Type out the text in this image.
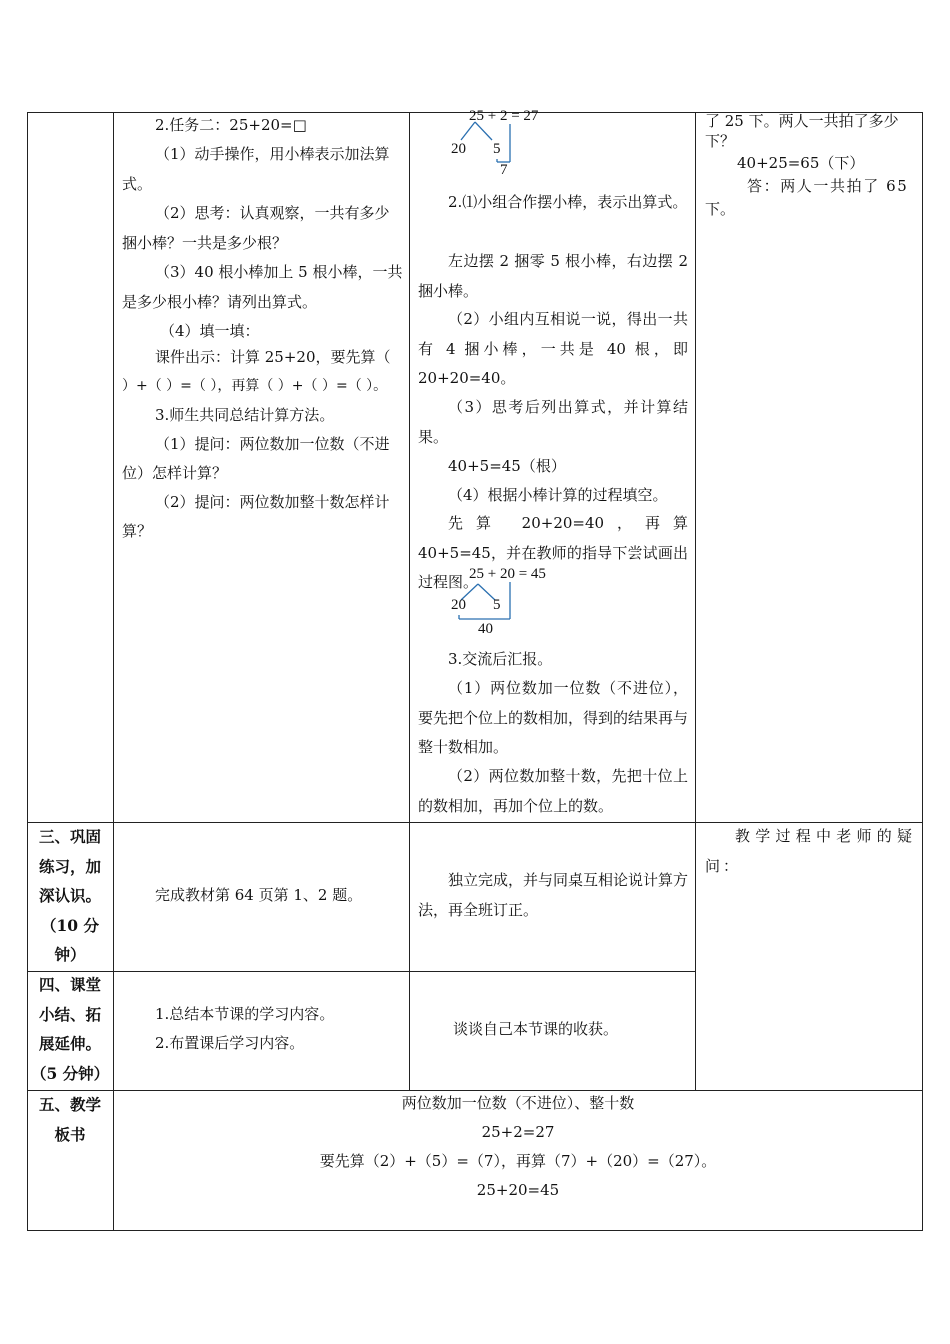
2.任务二：25+20=□
（1）动手操作，用小棒表示加法算
式。
（2）思考：认真观察，一共有多少
捆小棒？一共是多少根？
（3）40 根小棒加上 5 根小棒，一共
是多少根小棒？请列出算式。
（4）填一填：
课件出示：计算 25+20，要先算（
）+（ ）=（ ），再算（ ）+（ ）=（ ）。
3.师生共同总结计算方法。
（1）提问：两位数加一位数（不进
位）怎样计算？
（2）提问：两位数加整十数怎样计
算？
25 + 2 = 27
20 5
7

2.⑴小组合作摆小棒，表示出算式。

左边摆 2 捆零 5 根小棒，右边摆 2 捆小棒。

（2）小组内互相说一说，得出一共有 4 捆小棒，一共是 40 根，即 20+20=40。

（3）思考后列出算式，并计算结果。

40+5=45（根）

（4）根据小棒计算的过程填空。

先算 20+20=40，再算 40+5=45，并在教师的指导下尝试画出过程图。

25 + 20 = 45
20 5
40

3.交流后汇报。

（1）两位数加一位数（不进位），要先把个位上的数相加，得到的结果再与整十数相加。

（2）两位数加整十数，先把十位上的数相加，再加个位上的数。

了 25 下。两人一共拍了多少
下？
40+25=65（下）
答：两人一共拍了 65
下。
三、巩固
练习，加
深认识。
（10 分
钟）
完成教材第 64 页第 1、2 题。

独立完成，并与同桌互相论说计算方法，再全班订正。

教学过程中老师的疑问：

四、课堂
小结、拓
展延伸。
（5 分钟）
1.总结本节课的学习内容。
2.布置课后学习内容。
谈谈自己本节课的收获。
五、教学
板书
两位数加一位数（不进位）、整十数
25+2=27
要先算（2）+（5）=（7），再算（7）+（20）=（27）。
25+20=45
